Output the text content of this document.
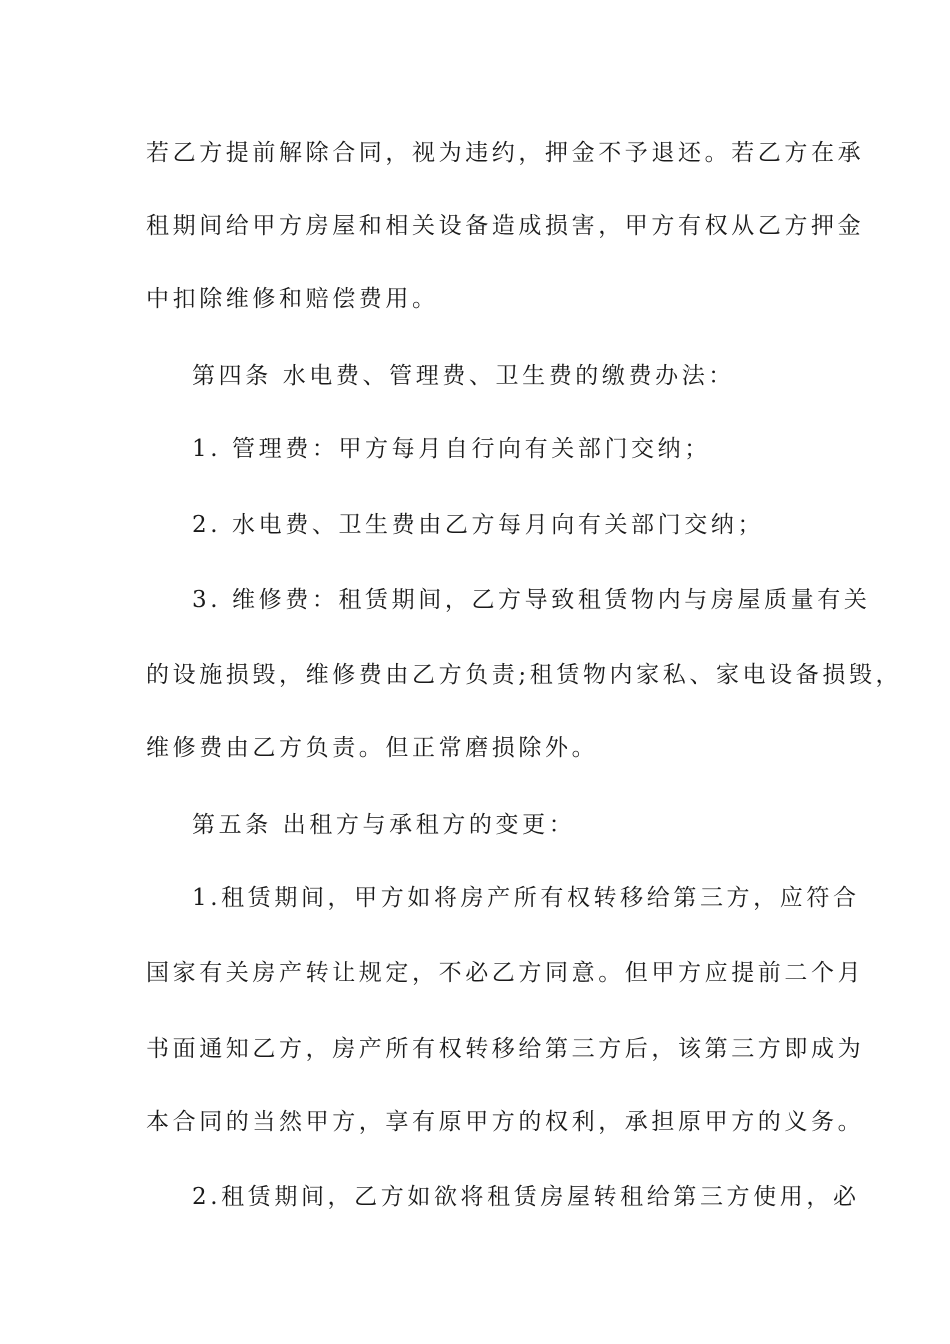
若乙方提前解除合同，视为违约，押金不予退还。若乙方在承
租期间给甲方房屋和相关设备造成损害，甲方有权从乙方押金
中扣除维修和赔偿费用。
第四条 水电费、管理费、卫生费的缴费办法：
1. 管理费：甲方每月自行向有关部门交纳；
2. 水电费、卫生费由乙方每月向有关部门交纳；
3. 维修费：租赁期间，乙方导致租赁物内与房屋质量有关
的设施损毁，维修费由乙方负责;租赁物内家私、家电设备损毁，
维修费由乙方负责。但正常磨损除外。
第五条 出租方与承租方的变更：
1.租赁期间，甲方如将房产所有权转移给第三方，应符合
国家有关房产转让规定，不必乙方同意。但甲方应提前二个月
书面通知乙方，房产所有权转移给第三方后，该第三方即成为
本合同的当然甲方，享有原甲方的权利，承担原甲方的义务。
2.租赁期间，乙方如欲将租赁房屋转租给第三方使用，必
